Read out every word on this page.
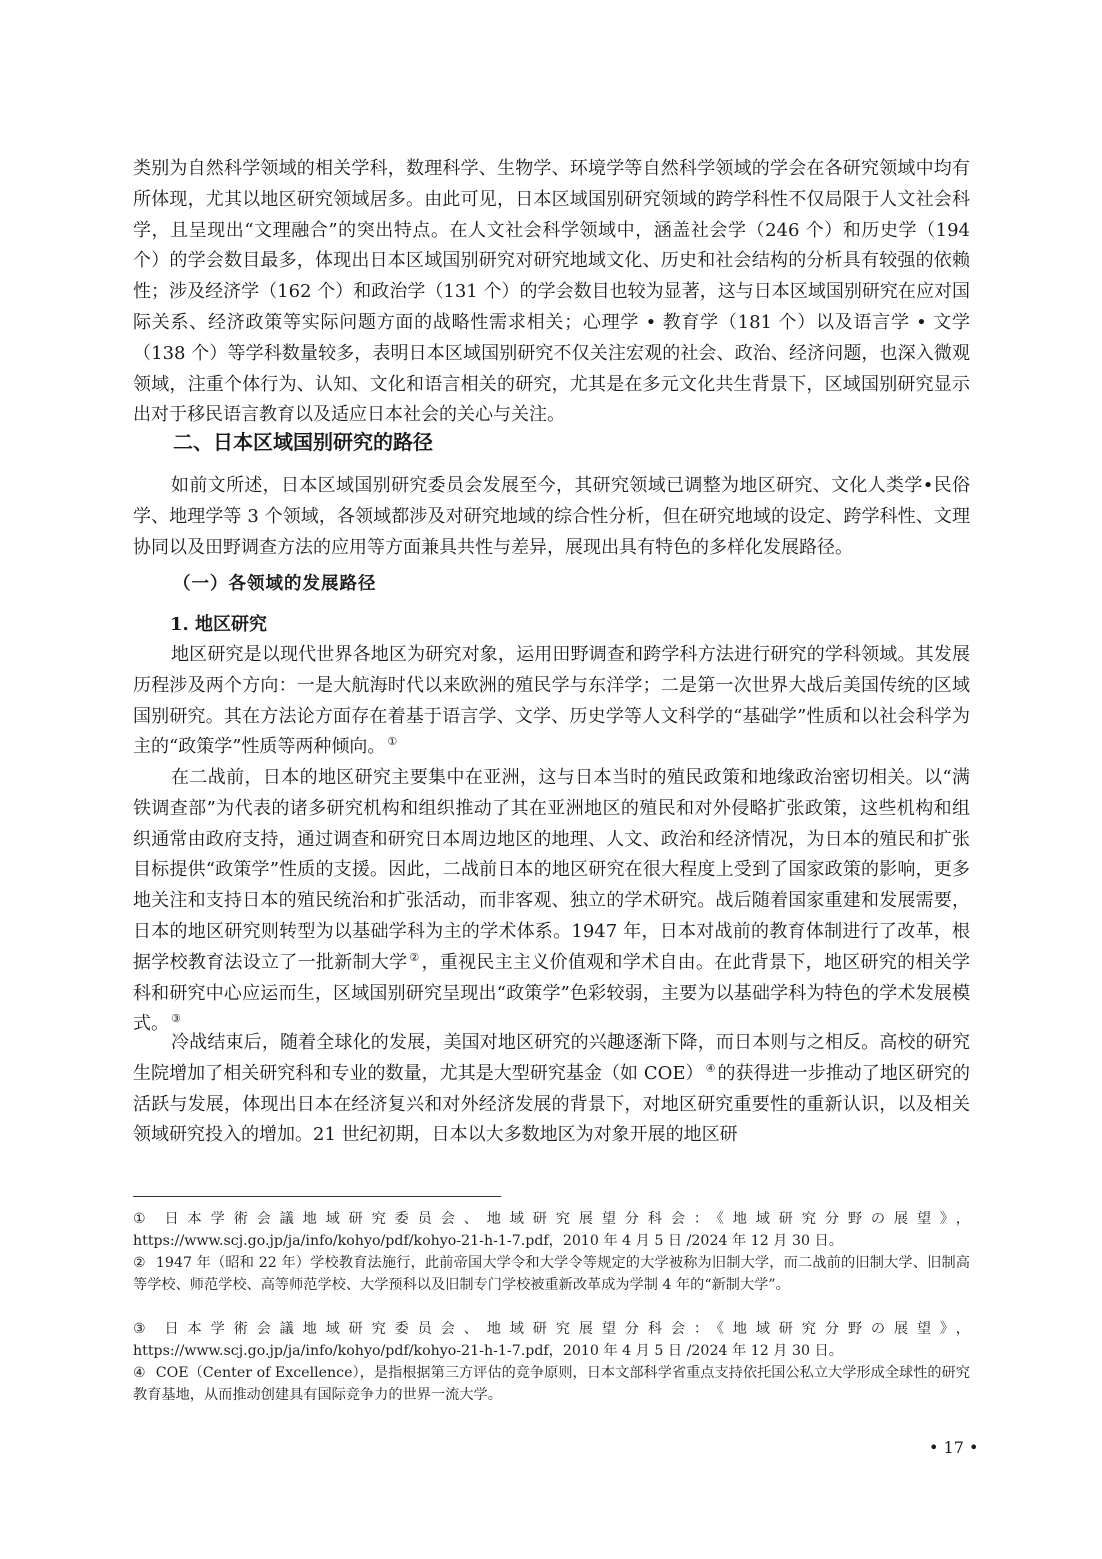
类别为自然科学领域的相关学科，数理科学、生物学、环境学等自然科学领域的学会在各研究领域中均有所体现，尤其以地区研究领域居多。由此可见，日本区域国别研究领域的跨学科性不仅局限于人文社会科学，且呈现出“文理融合”的突出特点。在人文社会科学领域中，涵盖社会学（246 个）和历史学（194 个）的学会数目最多，体现出日本区域国别研究对研究地域文化、历史和社会结构的分析具有较强的依赖性；涉及经济学（162 个）和政治学（131 个）的学会数目也较为显著，这与日本区域国别研究在应对国际关系、经济政策等实际问题方面的战略性需求相关；心理学 • 教育学（181 个）以及语言学 • 文学（138 个）等学科数量较多，表明日本区域国别研究不仅关注宏观的社会、政治、经济问题，也深入微观领域，注重个体行为、认知、文化和语言相关的研究，尤其是在多元文化共生背景下，区域国别研究显示出对于移民语言教育以及适应日本社会的关心与关注。

二、日本区域国别研究的路径

如前文所述，日本区域国别研究委员会发展至今，其研究领域已调整为地区研究、文化人类学•民俗学、地理学等 3 个领域，各领域都涉及对研究地域的综合性分析，但在研究地域的设定、跨学科性、文理协同以及田野调查方法的应用等方面兼具共性与差异，展现出具有特色的多样化发展路径。

（一）各领域的发展路径
1. 地区研究

地区研究是以现代世界各地区为研究对象，运用田野调查和跨学科方法进行研究的学科领域。其发展历程涉及两个方向：一是大航海时代以来欧洲的殖民学与东洋学；二是第一次世界大战后美国传统的区域国别研究。其在方法论方面存在着基于语言学、文学、历史学等人文科学的“基础学”性质和以社会科学为主的“政策学”性质等两种倾向。 ①

在二战前，日本的地区研究主要集中在亚洲，这与日本当时的殖民政策和地缘政治密切相关。以“满铁调查部”为代表的诸多研究机构和组织推动了其在亚洲地区的殖民和对外侵略扩张政策，这些机构和组织通常由政府支持，通过调查和研究日本周边地区的地理、人文、政治和经济情况，为日本的殖民和扩张目标提供“政策学”性质的支援。因此，二战前日本的地区研究在很大程度上受到了国家政策的影响，更多地关注和支持日本的殖民统治和扩张活动，而非客观、独立的学术研究。战后随着国家重建和发展需要，日本的地区研究则转型为以基础学科为主的学术体系。1947 年，日本对战前的教育体制进行了改革，根据学校教育法设立了一批新制大学 ② ，重视民主主义价值观和学术自由。在此背景下，地区研究的相关学科和研究中心应运而生，区域国别研究呈现出“政策学”色彩较弱，主要为以基础学科为特色的学术发展模式。 ③

冷战结束后，随着全球化的发展，美国对地区研究的兴趣逐渐下降，而日本则与之相反。高校的研究生院增加了相关研究科和专业的数量，尤其是大型研究基金（如 COE） ④ 的获得进一步推动了地区研究的活跃与发展，体现出日本在经济复兴和对外经济发展的背景下，对地区研究重要性的重新认识，以及相关领域研究投入的增加。21 世纪初期，日本以大多数地区为对象开展的地区研

① 日本学術会議地域研究委员会、地域研究展望分科会：《地域研究分野の展望》，https://www.scj.go.jp/ja/info/kohyo/pdf/kohyo-21-h-1-7.pdf，2010 年 4 月 5 日 /2024 年 12 月 30 日。

② 1947 年（昭和 22 年）学校教育法施行，此前帝国大学令和大学令等规定的大学被称为旧制大学，而二战前的旧制大学、旧制高等学校、师范学校、高等师范学校、大学预科以及旧制专门学校被重新改革成为学制 4 年的“新制大学”。

③ 日本学術会議地域研究委员会、地域研究展望分科会：《地域研究分野の展望》，https://www.scj.go.jp/ja/info/kohyo/pdf/kohyo-21-h-1-7.pdf，2010 年 4 月 5 日 /2024 年 12 月 30 日。

④ COE（Center of Excellence），是指根据第三方评估的竞争原则，日本文部科学省重点支持依托国公私立大学形成全球性的研究教育基地，从而推动创建具有国际竞争力的世界一流大学。

• 17 •
